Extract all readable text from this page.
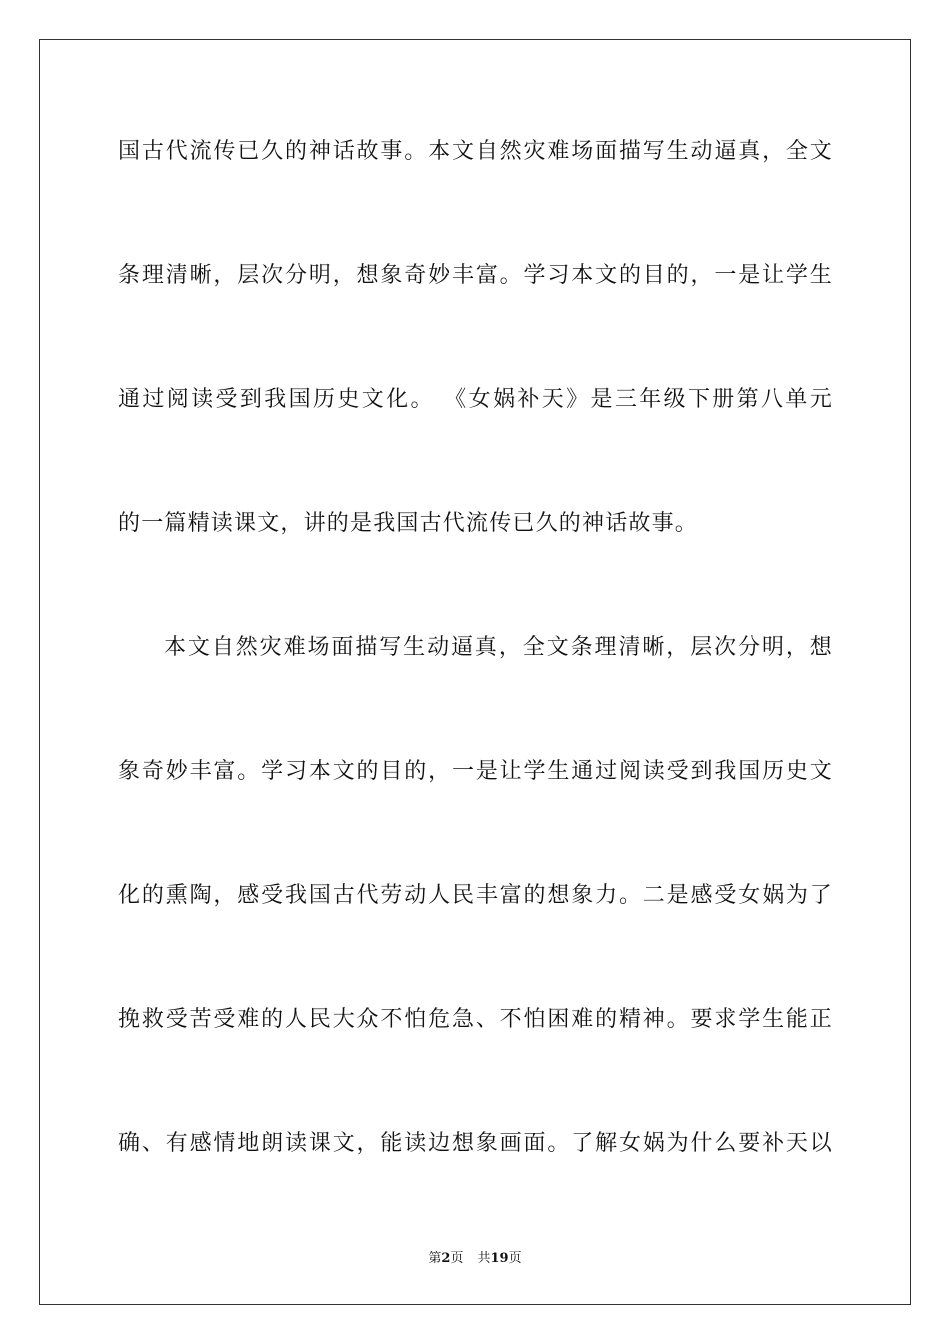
国古代流传已久的神话故事。本文自然灾难场面描写生动逼真，全文
条理清晰，层次分明，想象奇妙丰富。学习本文的目的，一是让学生
通过阅读受到我国历史文化。 《女娲补天》是三年级下册第八单元
的一篇精读课文，讲的是我国古代流传已久的神话故事。
本文自然灾难场面描写生动逼真，全文条理清晰，层次分明，想
象奇妙丰富。学习本文的目的，一是让学生通过阅读受到我国历史文
化的熏陶，感受我国古代劳动人民丰富的想象力。二是感受女娲为了
挽救受苦受难的人民大众不怕危急、不怕困难的精神。要求学生能正
确、有感情地朗读课文，能读边想象画面。了解女娲为什么要补天以
第2页 共19页
